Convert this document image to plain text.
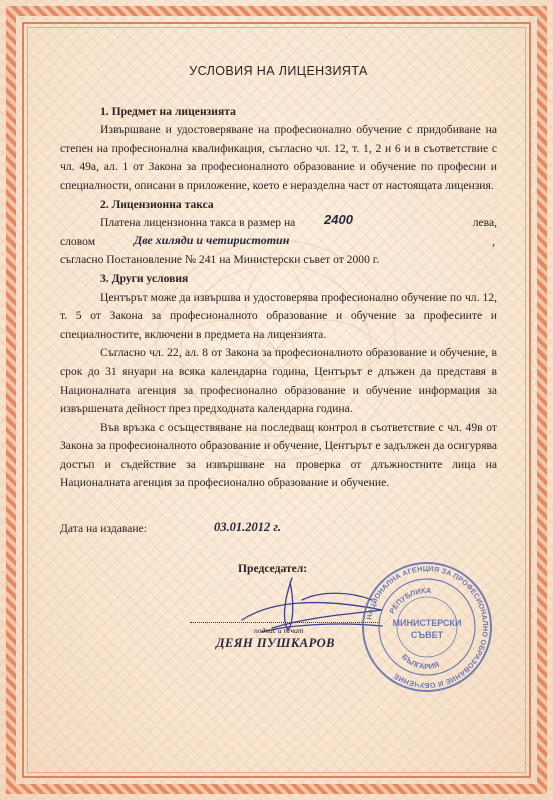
УСЛОВИЯ НА ЛИЦЕНЗИЯТА
1. Предмет на лицензията

Извършване и удостоверяване на професионално обучение с придобиване на степен на професионална квалификация, съгласно чл. 12, т. 1, 2 и 6 и в съответствие с чл. 49а, ал. 1 от Закона за професионалното образование и обучение по професии и специалности, описани в приложение, което е неразделна част от настоящата лицензия.

2. Лицензионна такса
Платена лицензионна такса в размер на 2400	лева,
словом	Две хиляди и четиристотин	,

съгласно Постановление № 241 на Министерски съвет от 2000 г.

3. Други условия

Центърът може да извършва и удостоверява професионално обучение по чл. 12, т. 5 от Закона за професионалното образование и обучение за професиите и специалностите, включени в предмета на лицензията.

Съгласно чл. 22, ал. 8 от Закона за професионалното образование и обучение, в срок до 31 януари на всяка календарна година, Центърът е длъжен да представя в Националната агенция за професионално образование и обучение информация за извършената дейност през предходната календарна година.

Във връзка с осъществяване на последващ контрол в съответствие с чл. 49в от Закона за професионалното образование и обучение, Центърът е задължен да осигурява достъп и съдействие за извършване на проверка от длъжностните лица на Националната агенция за професионално образование и обучение.

Дата на издаване:	03.01.2012 г.
Председател:
подпис и печат
ДЕЯН ПУШКАРОВ
НАЦИОНАЛНА АГЕНЦИЯ ЗА ПРОФЕСИОНАЛНО ОБРАЗОВАНИЕ И ОБУЧЕНИЕ
РЕПУБЛИКА
БЪЛГАРИЯ
МИНИСТЕРСКИ
СЪВЕТ
